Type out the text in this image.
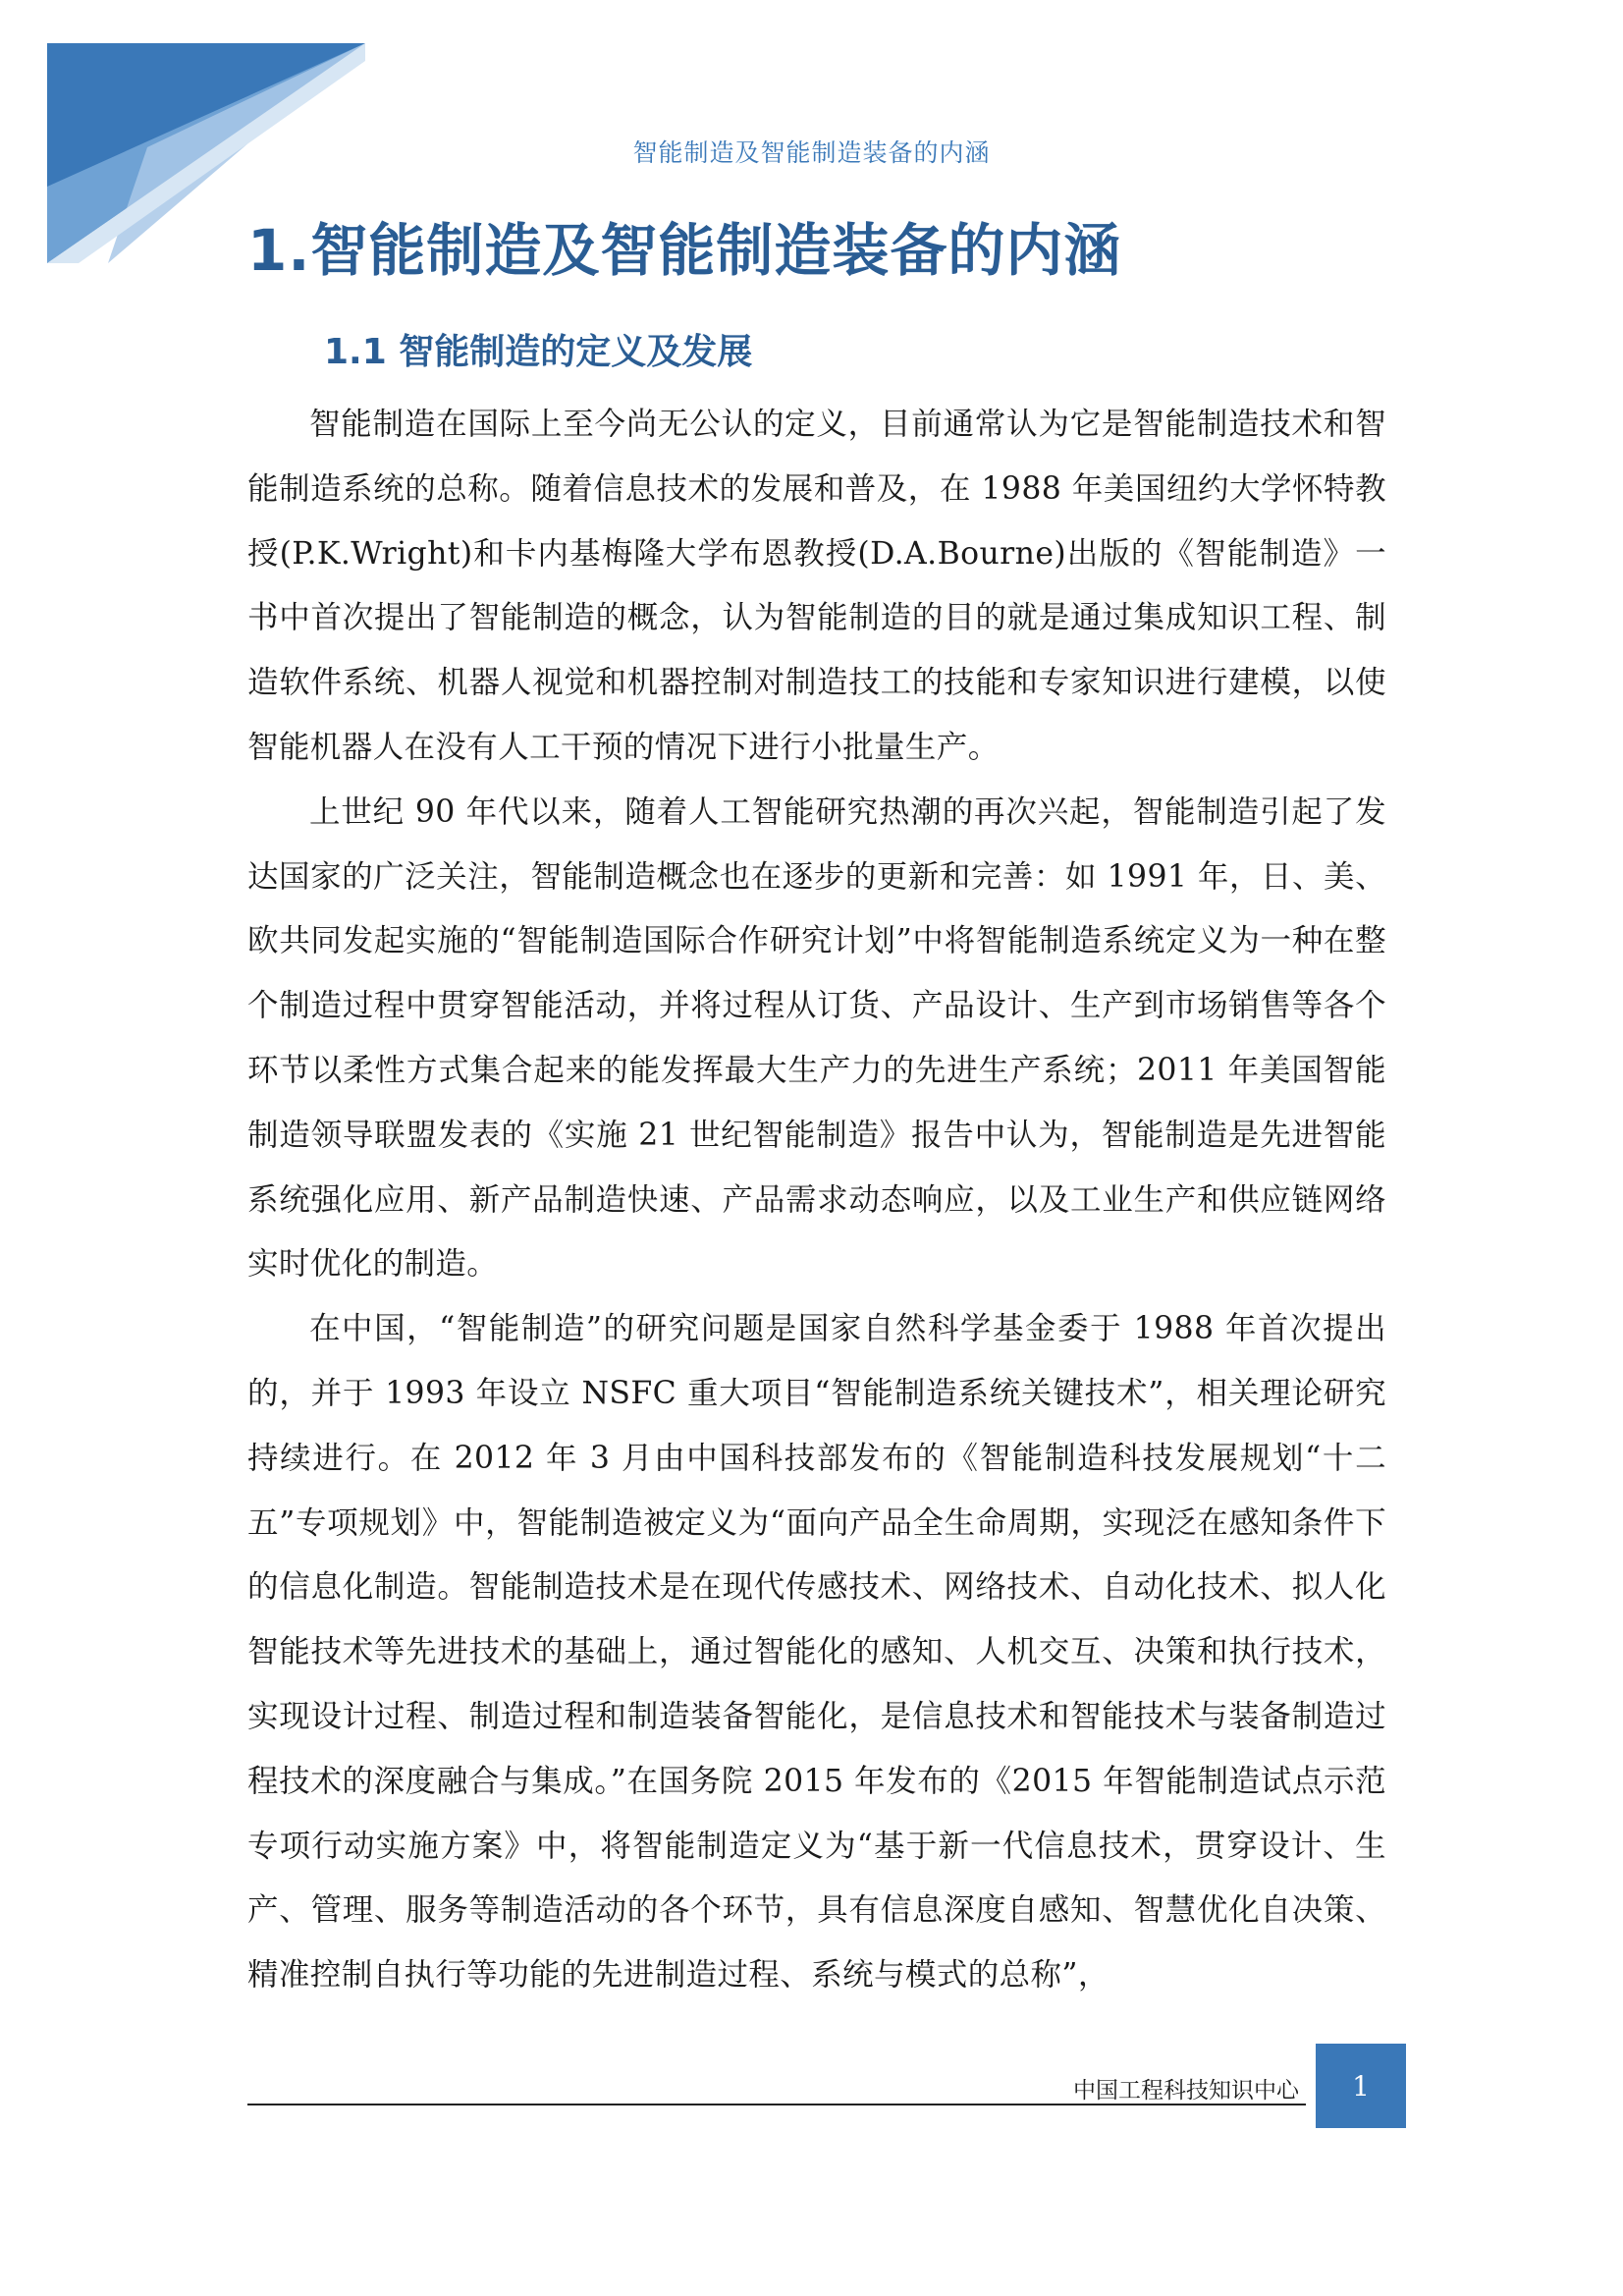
智能制造及智能制造装备的内涵
1.智能制造及智能制造装备的内涵
1.1 智能制造的定义及发展

智能制造在国际上至今尚无公认的定义，目前通常认为它是智能制造技术和智能制造系统的总称。随着信息技术的发展和普及，在 1988 年美国纽约大学怀特教授(P.K.Wright)和卡内基梅隆大学布恩教授(D.A.Bourne)出版的《智能制造》一书中首次提出了智能制造的概念，认为智能制造的目的就是通过集成知识工程、制造软件系统、机器人视觉和机器控制对制造技工的技能和专家知识进行建模，以使智能机器人在没有人工干预的情况下进行小批量生产。

上世纪 90 年代以来，随着人工智能研究热潮的再次兴起，智能制造引起了发达国家的广泛关注，智能制造概念也在逐步的更新和完善：如 1991 年，日、美、欧共同发起实施的“智能制造国际合作研究计划”中将智能制造系统定义为一种在整个制造过程中贯穿智能活动，并将过程从订货、产品设计、生产到市场销售等各个环节以柔性方式集合起来的能发挥最大生产力的先进生产系统；2011 年美国智能制造领导联盟发表的《实施 21 世纪智能制造》报告中认为，智能制造是先进智能系统强化应用、新产品制造快速、产品需求动态响应，以及工业生产和供应链网络实时优化的制造。

在中国，“智能制造”的研究问题是国家自然科学基金委于 1988 年首次提出的，并于 1993 年设立 NSFC 重大项目“智能制造系统关键技术”，相关理论研究持续进行。在 2012 年 3 月由中国科技部发布的《智能制造科技发展规划“十二五”专项规划》中，智能制造被定义为“面向产品全生命周期，实现泛在感知条件下的信息化制造。智能制造技术是在现代传感技术、网络技术、自动化技术、拟人化智能技术等先进技术的基础上，通过智能化的感知、人机交互、决策和执行技术，实现设计过程、制造过程和制造装备智能化，是信息技术和智能技术与装备制造过程技术的深度融合与集成。”在国务院 2015 年发布的《2015 年智能制造试点示范专项行动实施方案》中，将智能制造定义为“基于新一代信息技术，贯穿设计、生产、管理、服务等制造活动的各个环节，具有信息深度自感知、智慧优化自决策、精准控制自执行等功能的先进制造过程、系统与模式的总称”，

中国工程科技知识中心	1
